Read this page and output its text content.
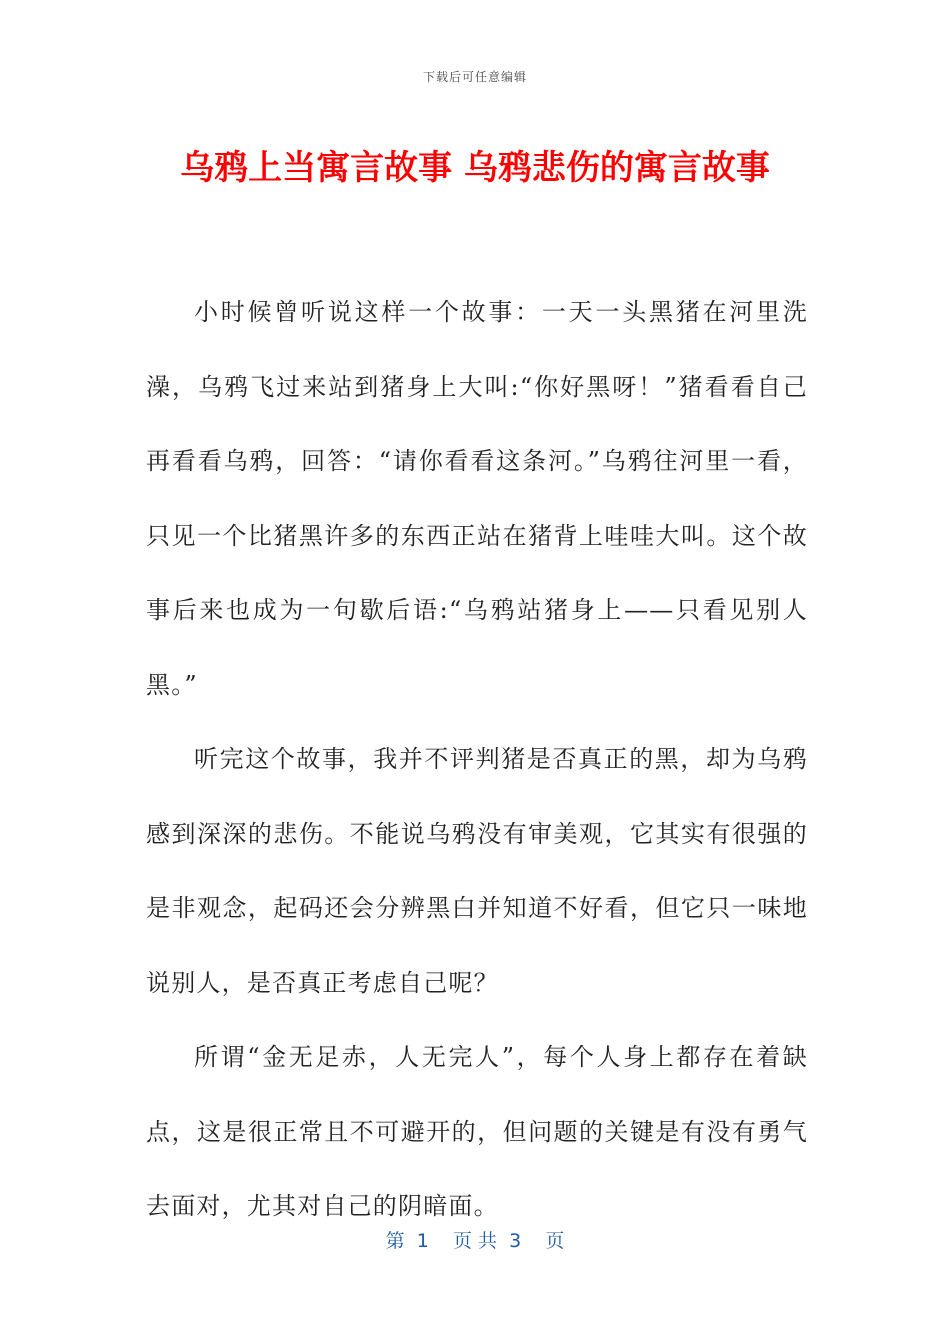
下载后可任意编辑
乌鸦上当寓言故事 乌鸦悲伤的寓言故事

小时候曾听说这样一个故事：一天一头黑猪在河里洗澡，乌鸦飞过来站到猪身上大叫:“你好黑呀！”猪看看自己再看看乌鸦，回答：“请你看看这条河。”乌鸦往河里一看，只见一个比猪黑许多的东西正站在猪背上哇哇大叫。这个故事后来也成为一句歇后语:“乌鸦站猪身上——只看见别人黑。”

听完这个故事，我并不评判猪是否真正的黑，却为乌鸦感到深深的悲伤。不能说乌鸦没有审美观，它其实有很强的是非观念，起码还会分辨黑白并知道不好看，但它只一味地说别人，是否真正考虑自己呢？

所谓“金无足赤，人无完人”，每个人身上都存在着缺点，这是很正常且不可避开的，但问题的关键是有没有勇气去面对，尤其对自己的阴暗面。

第  1    页 共  3    页
